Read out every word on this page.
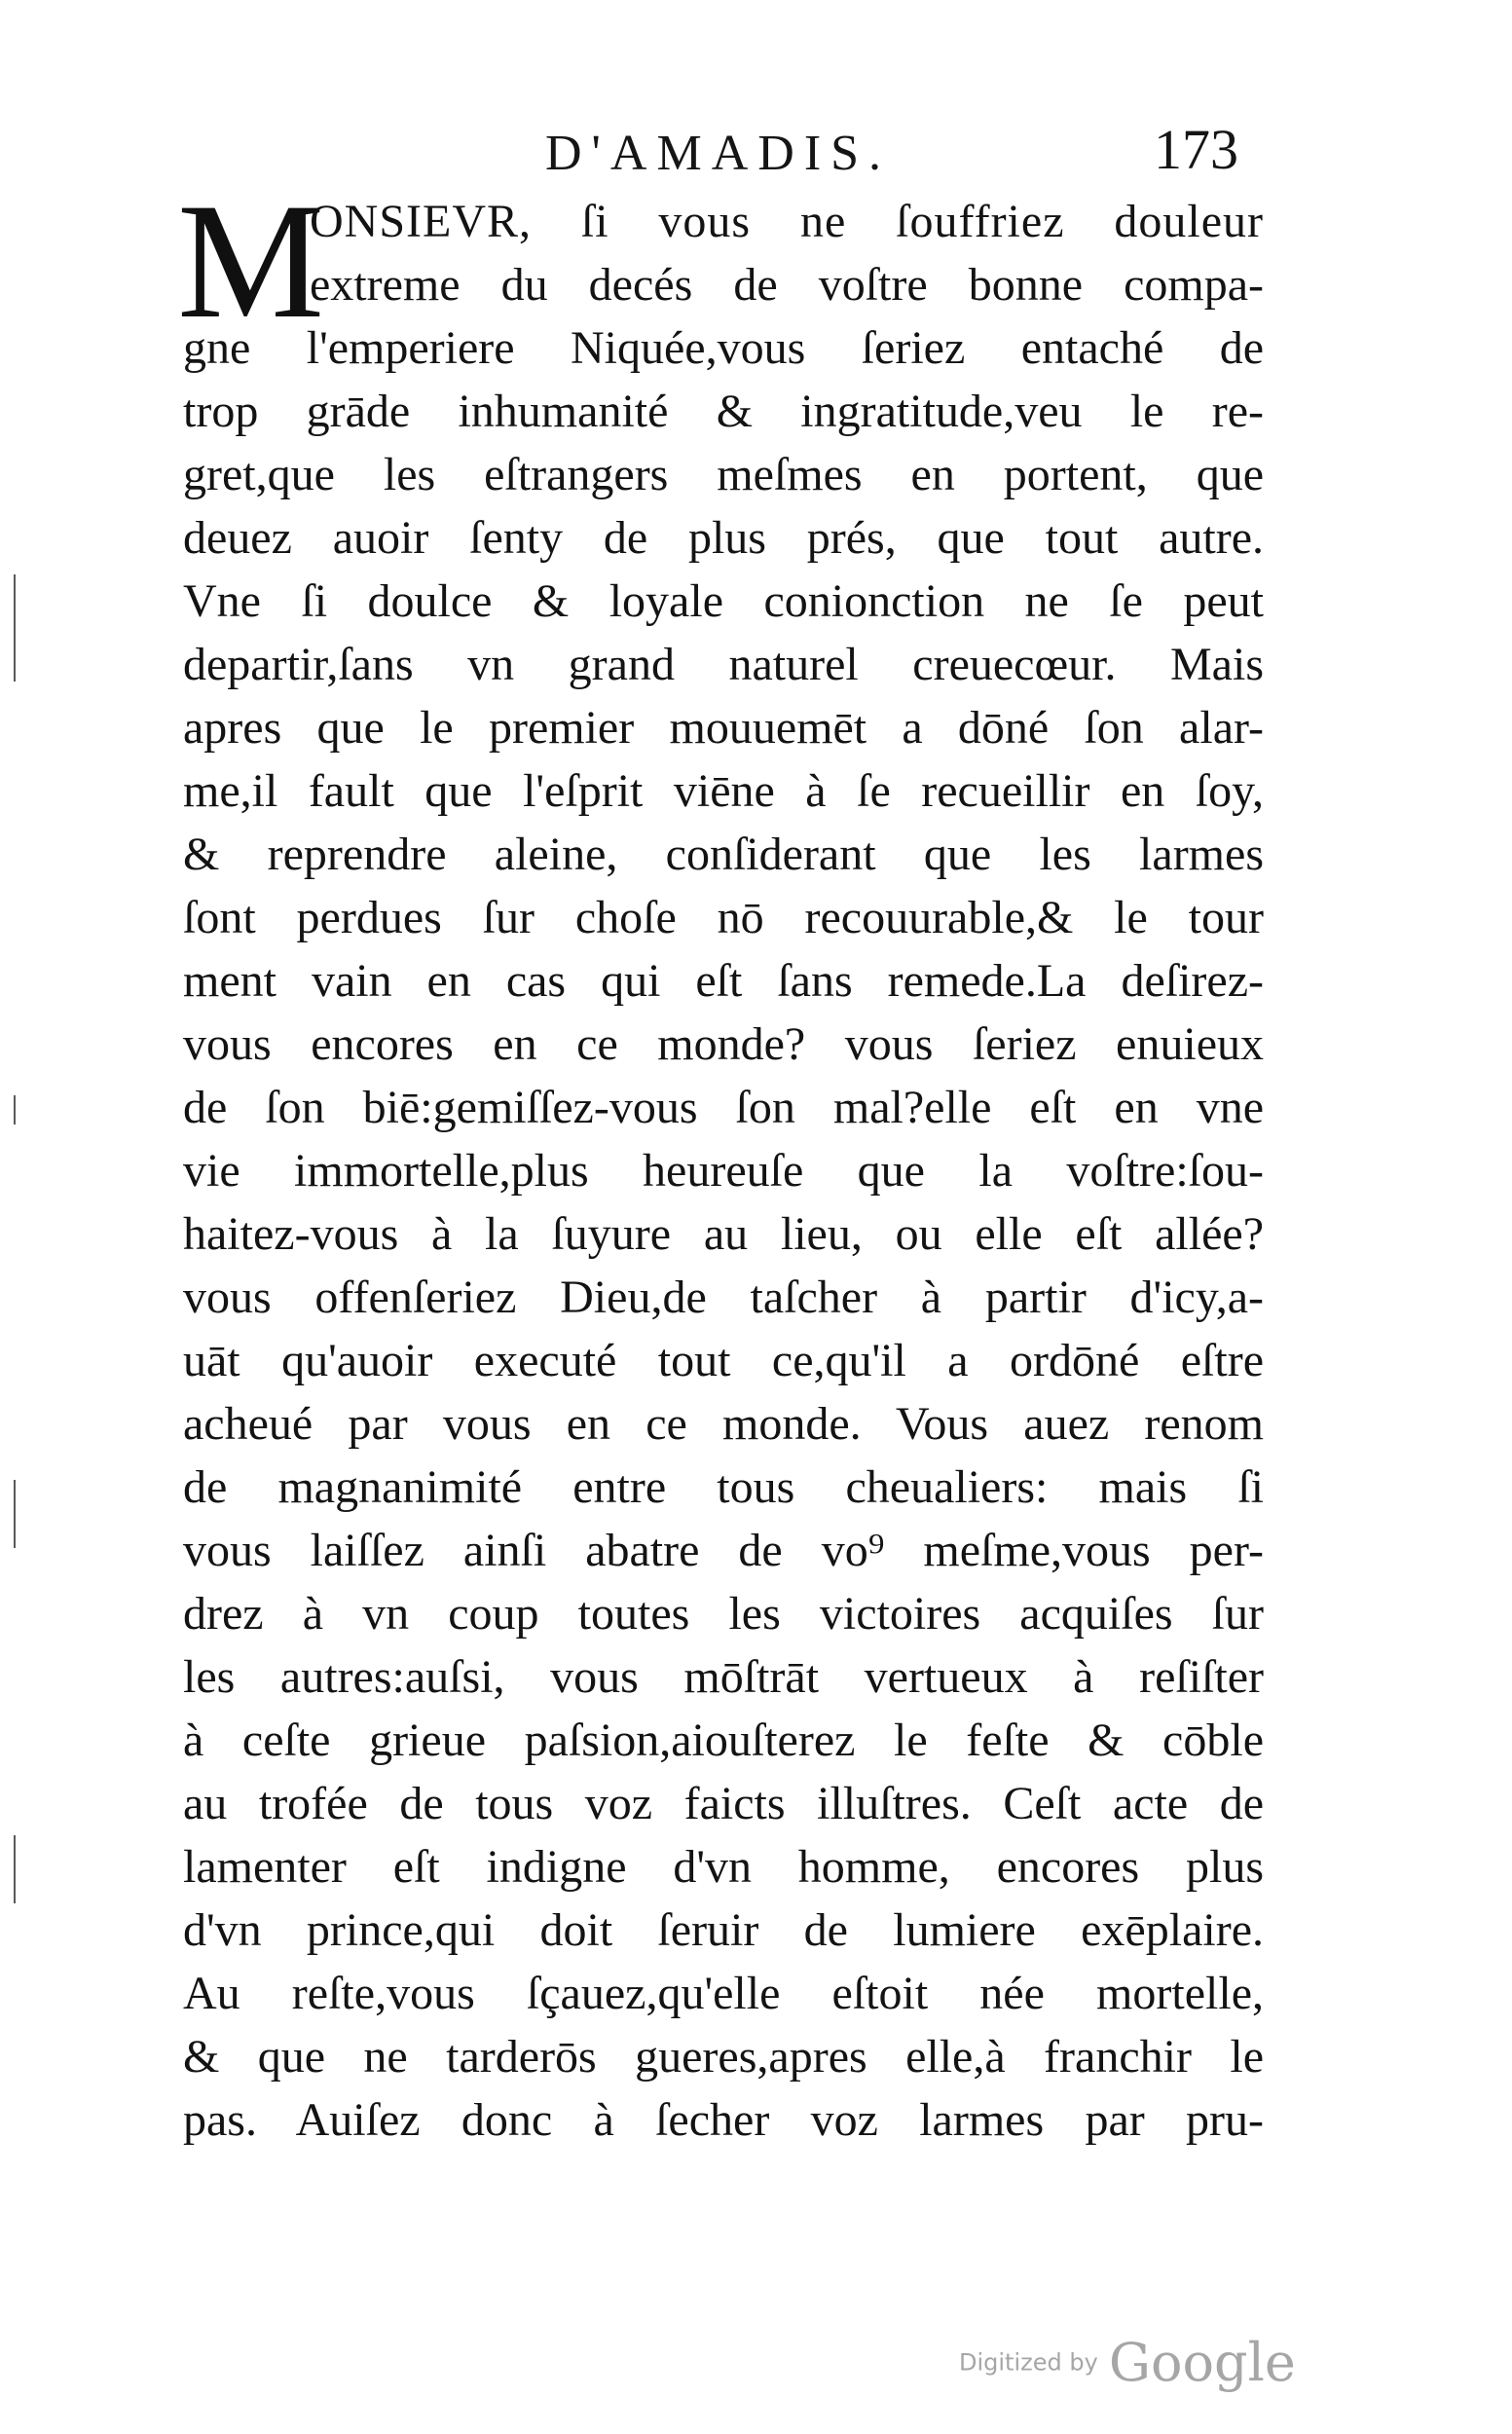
D'AMADIS.	173
M
ONSIEVR, ſi vous ne ſouffriez douleur
extreme du decés de voſtre bonne compa-
gne l'emperiere Niquée,vous ſeriez entaché de
trop grāde inhumanité & ingratitude,veu le re-
gret,que les eſtrangers meſmes en portent, que
deuez auoir ſenty de plus prés, que tout autre.
Vne ſi doulce & loyale conionction ne ſe peut
departir,ſans vn grand naturel creuecœur. Mais
apres que le premier mouuemēt a dōné ſon alar-
me,il fault que l'eſprit viēne à ſe recueillir en ſoy,
& reprendre aleine, conſiderant que les larmes
ſont perdues ſur choſe nō recouurable,& le tour
ment vain en cas qui eſt ſans remede.La deſirez-
vous encores en ce monde? vous ſeriez enuieux
de ſon biē:gemiſſez-vous ſon mal?elle eſt en vne
vie immortelle,plus heureuſe que la voſtre:ſou-
haitez-vous à la ſuyure au lieu, ou elle eſt allée?
vous offenſeriez Dieu,de taſcher à partir d'icy,a-
uāt qu'auoir executé tout ce,qu'il a ordōné eſtre
acheué par vous en ce monde. Vous auez renom
de magnanimité entre tous cheualiers: mais ſi
vous laiſſez ainſi abatre de vo⁹ meſme,vous per-
drez à vn coup toutes les victoires acquiſes ſur
les autres:auſsi, vous mōſtrāt vertueux à reſiſter
à ceſte grieue paſsion,aiouſterez le feſte & cōble
au trofée de tous voz faicts illuſtres. Ceſt acte de
lamenter eſt indigne d'vn homme, encores plus
d'vn prince,qui doit ſeruir de lumiere exēplaire.
Au reſte,vous ſçauez,qu'elle eſtoit née mortelle,
& que ne tarderōs gueres,apres elle,à franchir le
pas. Auiſez donc à ſecher voz larmes par pru-
Digitized by Google
